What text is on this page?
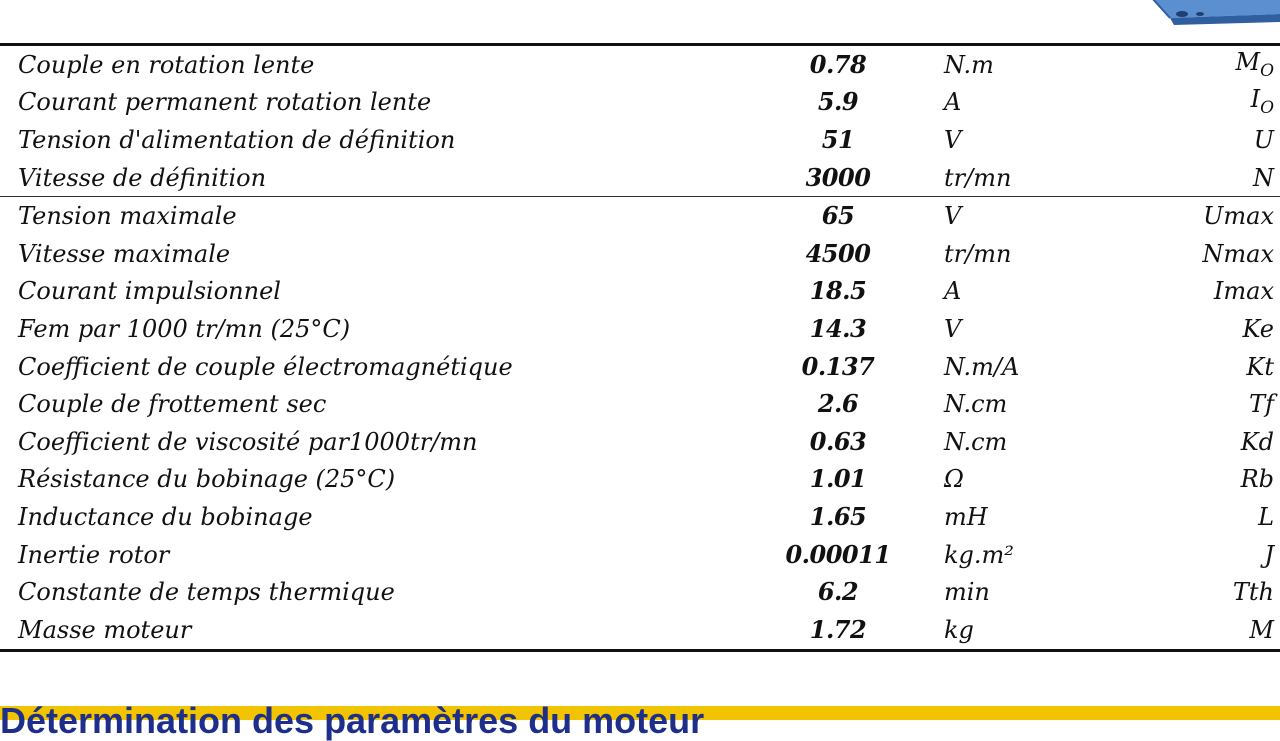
Couple en rotation lente	0.78	N.m	$M_O$
Courant permanent rotation lente	5.9	A	$I_O$
Tension d'alimentation de définition	51	V	U
Vitesse de définition	3000	tr/mn	N
Tension maximale	65	V	Umax
Vitesse maximale	4500	tr/mn	Nmax
Courant impulsionnel	18.5	A	Imax
Fem par 1000 tr/mn (25°C)	14.3	V	Ke
Coefficient de couple électromagnétique	0.137	N.m/A	Kt
Couple de frottement sec	2.6	N.cm	Tf
Coefficient de viscosité par1000tr/mn	0.63	N.cm	Kd
Résistance du bobinage (25°C)	1.01	Ω	Rb
Inductance du bobinage	1.65	mH	L
Inertie rotor	0.00011	kg.m²	J
Constante de temps thermique	6.2	min	Tth
Masse moteur	1.72	kg	M
Détermination des paramètres du moteur
